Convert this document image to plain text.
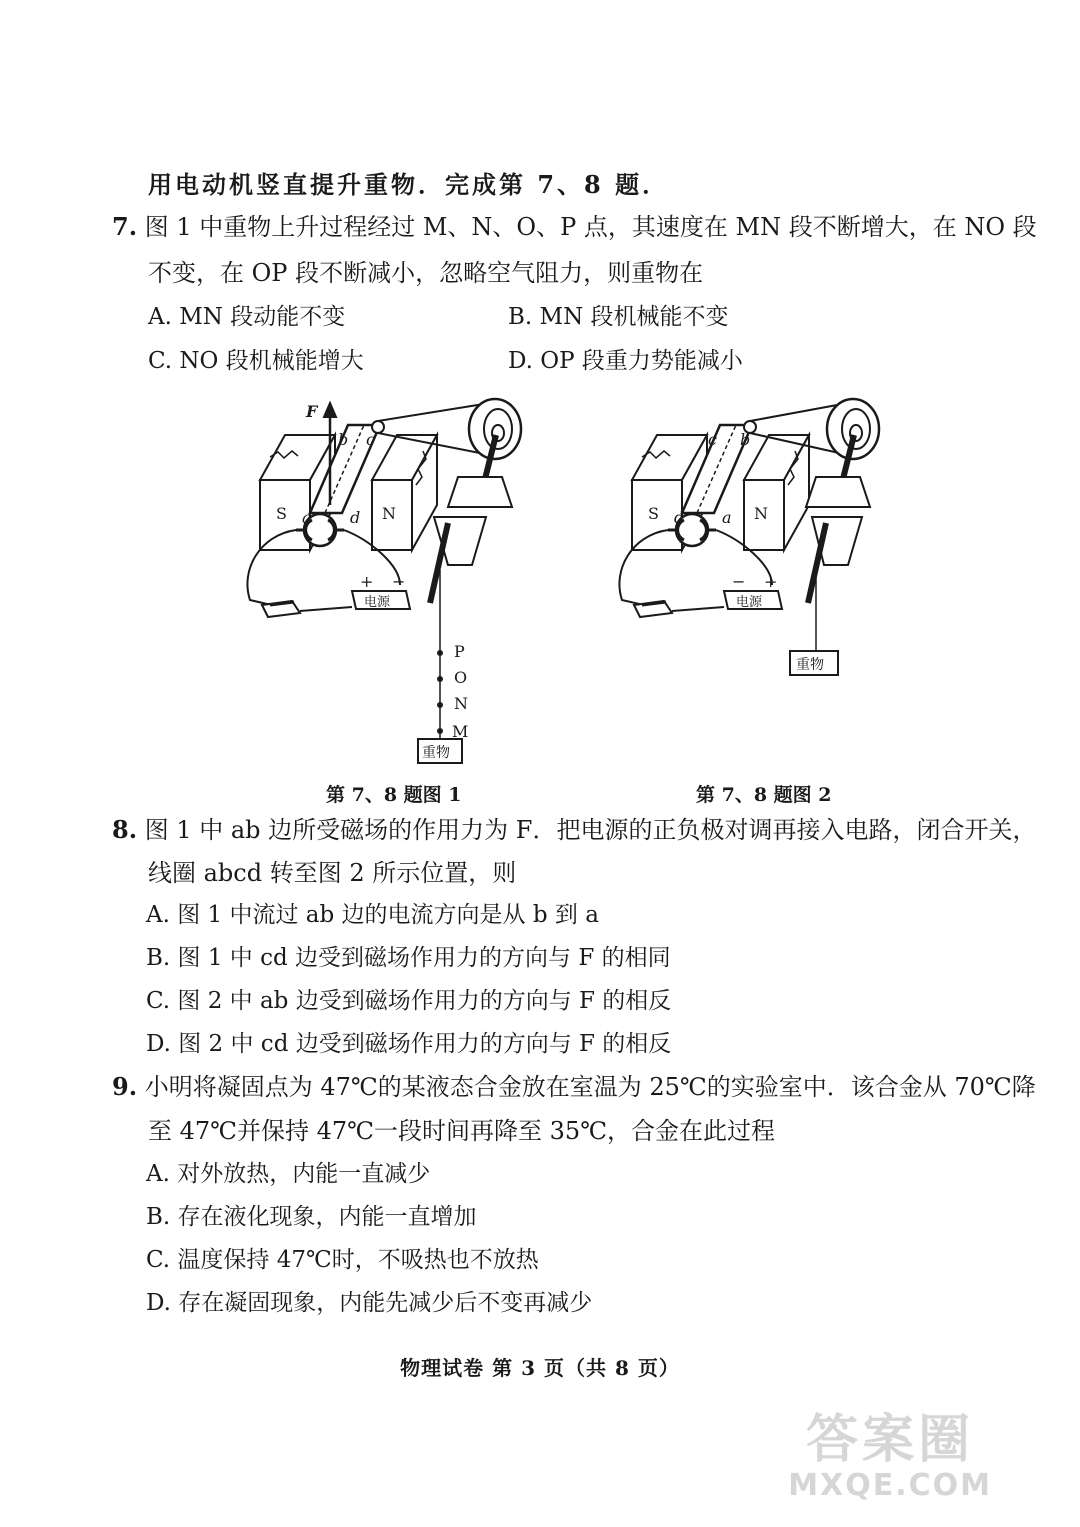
用电动机竖直提升重物．完成第 7、8 题．
7. 图 1 中重物上升过程经过 M、N、O、P 点，其速度在 MN 段不断增大，在 NO 段
不变，在 OP 段不断减小，忽略空气阻力，则重物在
A. MN 段动能不变	B. MN 段机械能不变
C. NO 段机械能增大	D. OP 段重力势能减小
F
b c
a d
S	N
+ −
电源
重物
P
O
N
M
c b
d a
S	N
− +
电源
重物
第 7、8 题图 1	第 7、8 题图 2
8. 图 1 中 ab 边所受磁场的作用力为 F．把电源的正负极对调再接入电路，闭合开关，
线圈 abcd 转至图 2 所示位置，则
A. 图 1 中流过 ab 边的电流方向是从 b 到 a
B. 图 1 中 cd 边受到磁场作用力的方向与 F 的相同
C. 图 2 中 ab 边受到磁场作用力的方向与 F 的相反
D. 图 2 中 cd 边受到磁场作用力的方向与 F 的相反
9. 小明将凝固点为 47℃的某液态合金放在室温为 25℃的实验室中．该合金从 70℃降
至 47℃并保持 47℃一段时间再降至 35℃，合金在此过程
A. 对外放热，内能一直减少
B. 存在液化现象，内能一直增加
C. 温度保持 47℃时，不吸热也不放热
D. 存在凝固现象，内能先减少后不变再减少
物理试卷 第 3 页（共 8 页）
答案圈
MXQE.COM
